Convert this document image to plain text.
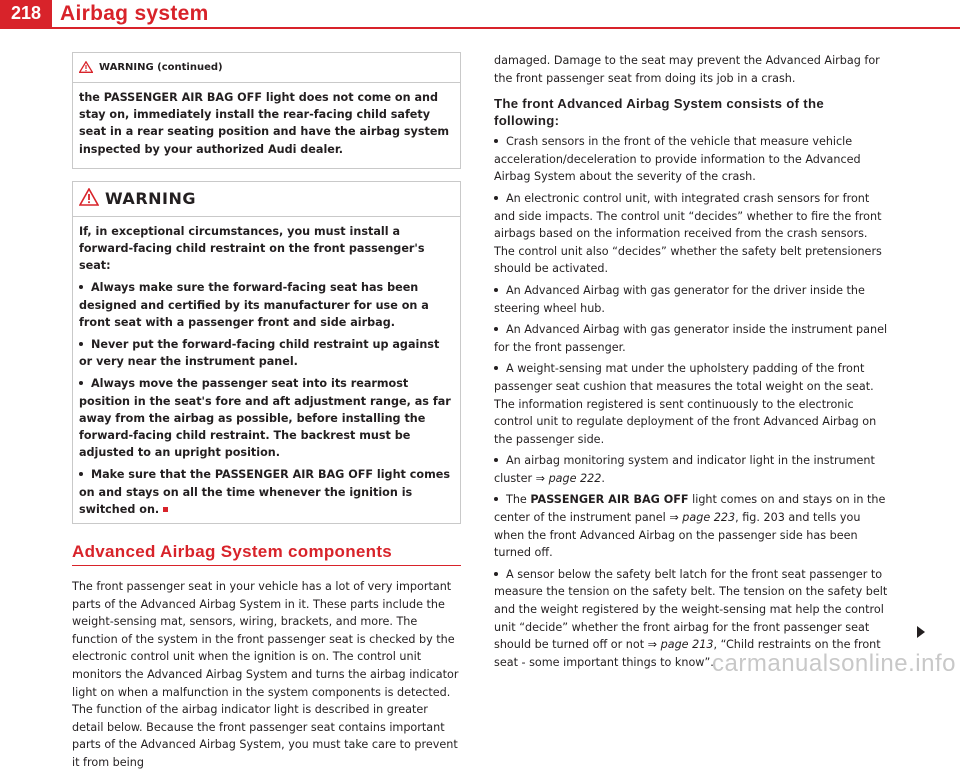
218 Airbag system
WARNING (continued)

the PASSENGER AIR BAG OFF light does not come on and stay on, immediately install the rear-facing child safety seat in a rear seating position and have the airbag system inspected by your authorized Audi dealer.

WARNING

If, in exceptional circumstances, you must install a forward-facing child restraint on the front passenger's seat:

Always make sure the forward-facing seat has been designed and certified by its manufacturer for use on a front seat with a passenger front and side airbag.

Never put the forward-facing child restraint up against or very near the instrument panel.

Always move the passenger seat into its rearmost position in the seat's fore and aft adjustment range, as far away from the airbag as possible, before installing the forward-facing child restraint. The backrest must be adjusted to an upright position.

Make sure that the PASSENGER AIR BAG OFF light comes on and stays on all the time whenever the ignition is switched on.

Advanced Airbag System components

The front passenger seat in your vehicle has a lot of very important parts of the Advanced Airbag System in it. These parts include the weight-sensing mat, sensors, wiring, brackets, and more. The function of the system in the front passenger seat is checked by the electronic control unit when the ignition is on. The control unit monitors the Advanced Airbag System and turns the airbag indicator light on when a malfunction in the system components is detected. The function of the airbag indicator light is described in greater detail below. Because the front passenger seat contains important parts of the Advanced Airbag System, you must take care to prevent it from being

damaged. Damage to the seat may prevent the Advanced Airbag for the front passenger seat from doing its job in a crash.

The front Advanced Airbag System consists of the following:

Crash sensors in the front of the vehicle that measure vehicle acceleration/deceleration to provide information to the Advanced Airbag System about the severity of the crash.

An electronic control unit, with integrated crash sensors for front and side impacts. The control unit “decides” whether to fire the front airbags based on the information received from the crash sensors. The control unit also “decides” whether the safety belt pretensioners should be activated.

An Advanced Airbag with gas generator for the driver inside the steering wheel hub.

An Advanced Airbag with gas generator inside the instrument panel for the front passenger.

A weight-sensing mat under the upholstery padding of the front passenger seat cushion that measures the total weight on the seat. The information registered is sent continuously to the electronic control unit to regulate deployment of the front Advanced Airbag on the passenger side.

An airbag monitoring system and indicator light in the instrument cluster ⇒ page 222.

The PASSENGER AIR BAG OFF light comes on and stays on in the center of the instrument panel ⇒ page 223, fig. 203 and tells you when the front Advanced Airbag on the passenger side has been turned off.

A sensor below the safety belt latch for the front seat passenger to measure the tension on the safety belt. The tension on the safety belt and the weight registered by the weight-sensing mat help the control unit “decide” whether the front airbag for the front passenger seat should be turned off or not ⇒ page 213, “Child restraints on the front seat - some important things to know”.

carmanualsonline.info
